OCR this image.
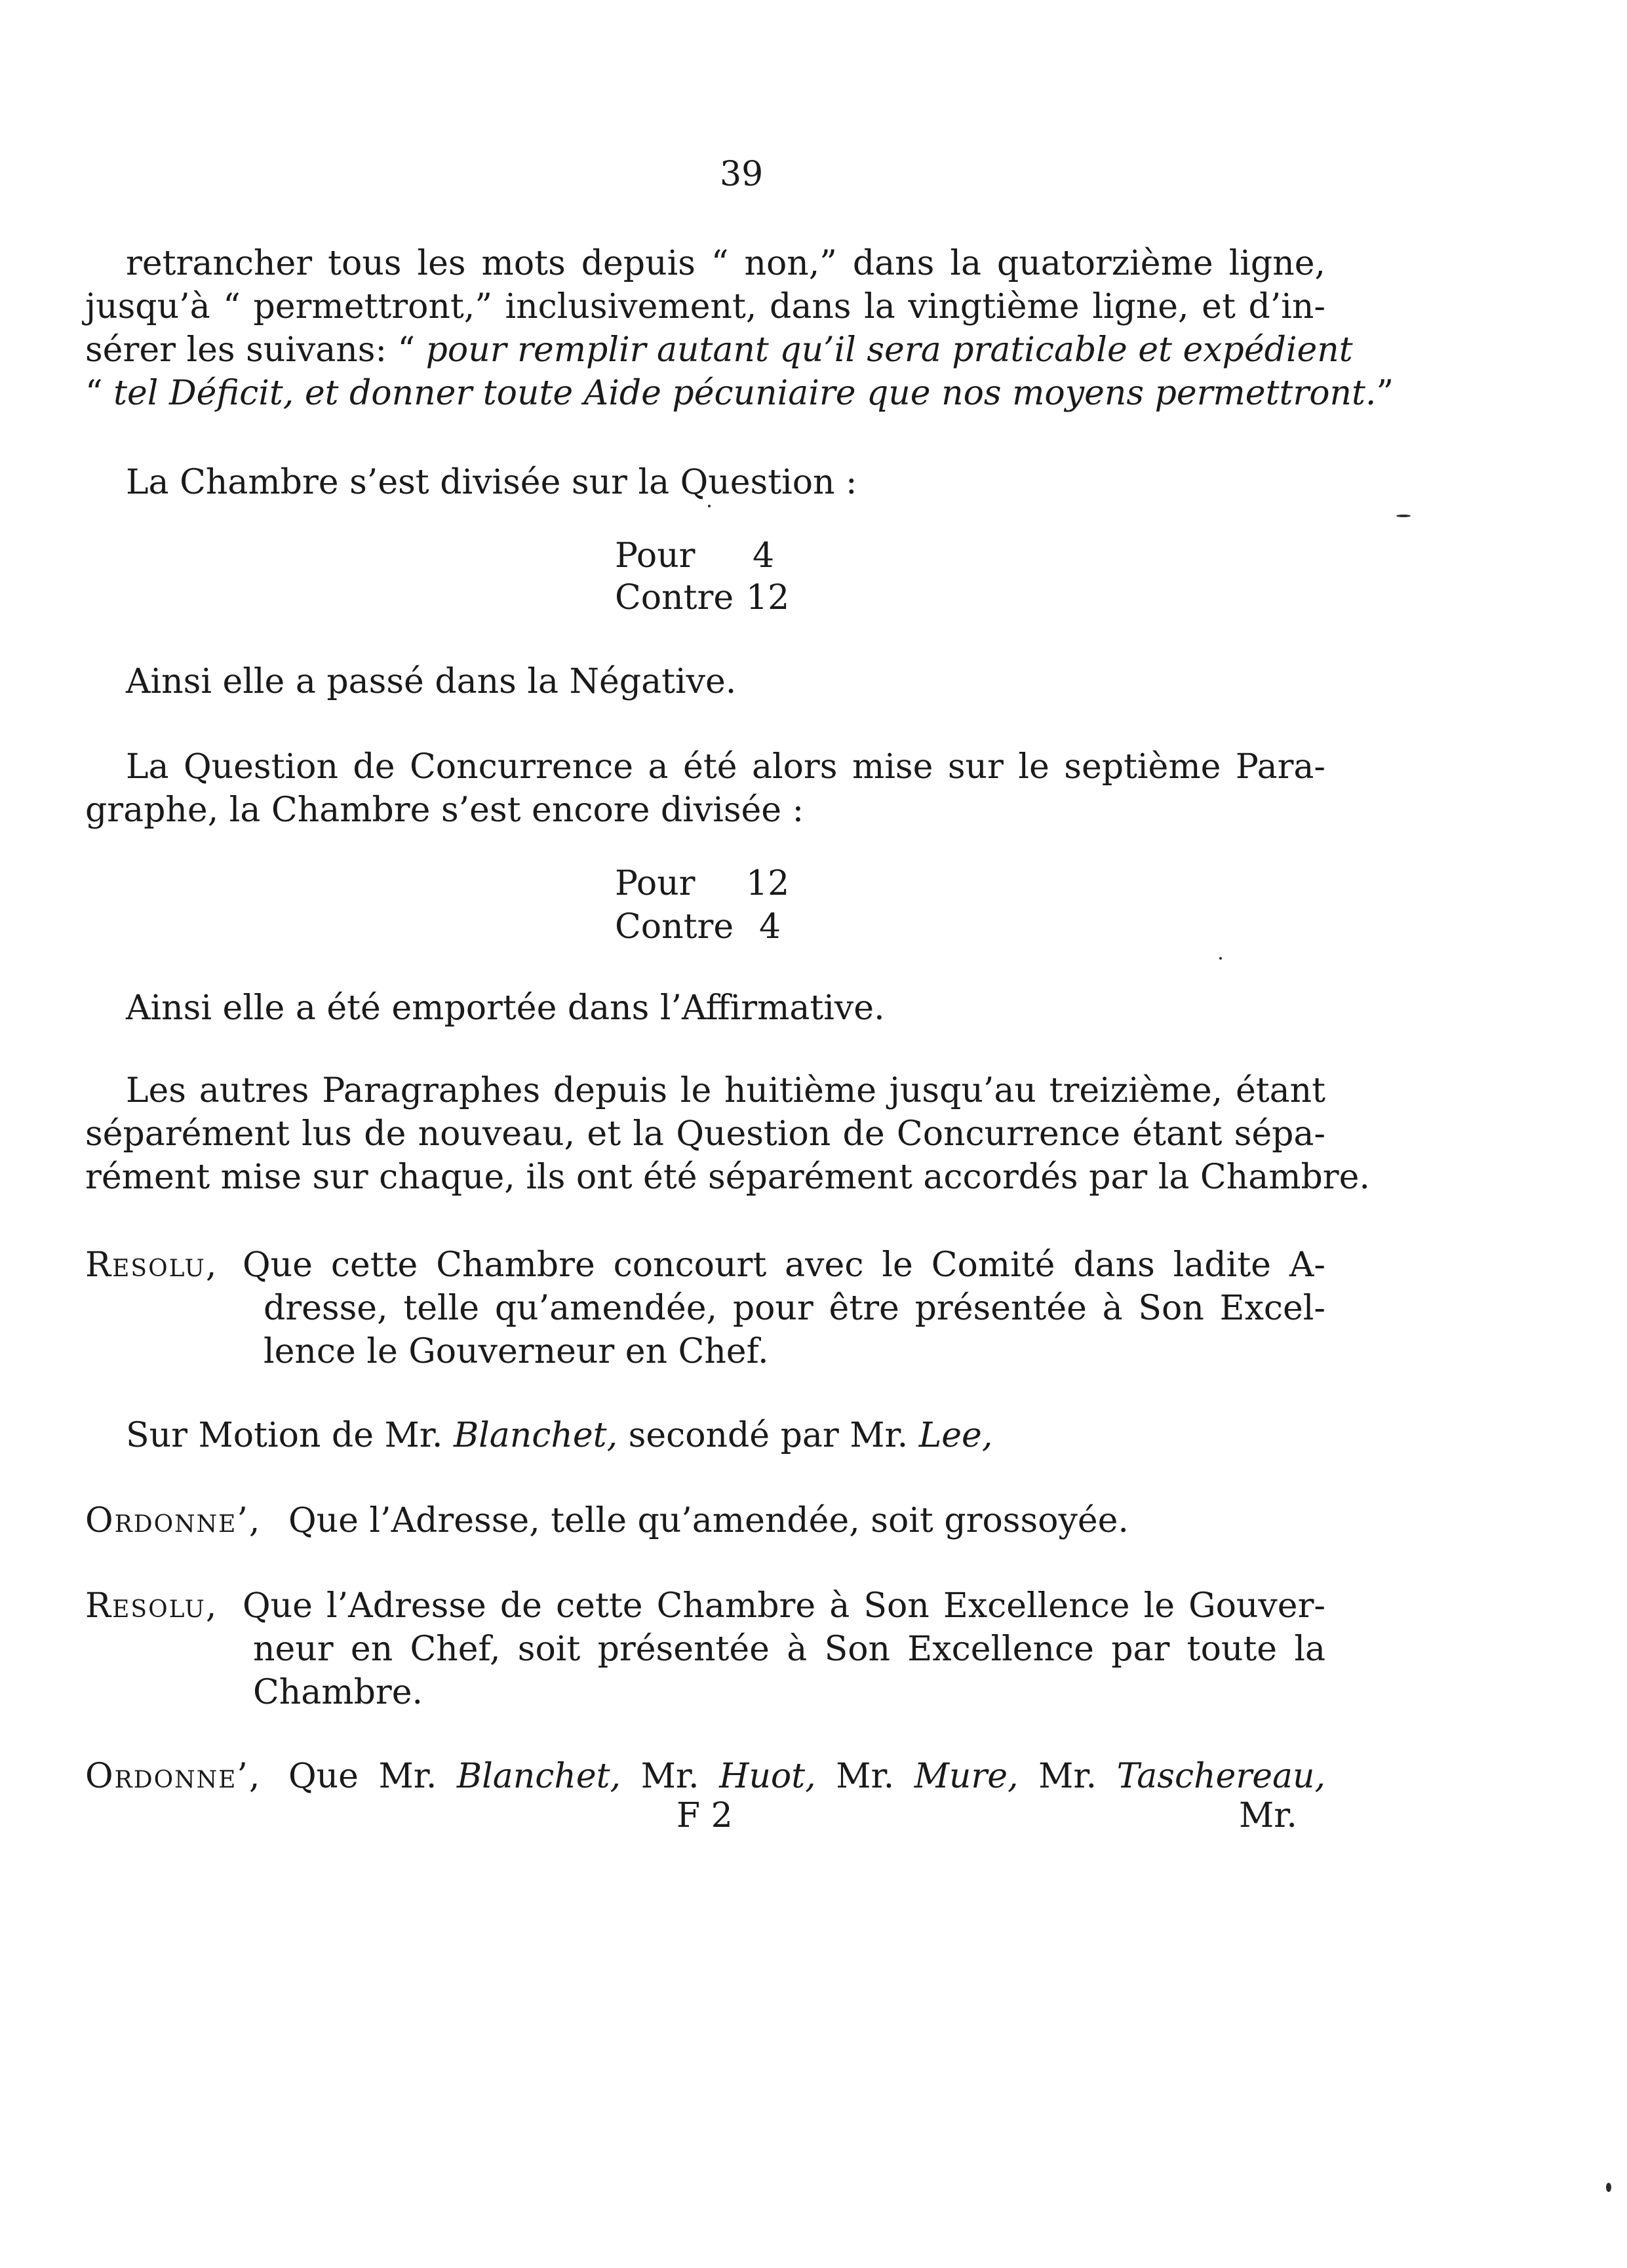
39
retrancher tous les mots depuis “ non,” dans la quatorzième ligne,
jusqu’à “ permettront,” inclusivement, dans la vingtième ligne, et d’in-
sérer les suivans: “ pour remplir autant qu’il sera praticable et expédient
“ tel Déficit, et donner toute Aide pécuniaire que nos moyens permettront.”
La Chambre s’est divisée sur la Question :
Pour 4
Contre 12
Ainsi elle a passé dans la Négative.
La Question de Concurrence a été alors mise sur le septième Para-
graphe, la Chambre s’est encore divisée :
Pour 12
Contre 4
Ainsi elle a été emportée dans l’Affirmative.
Les autres Paragraphes depuis le huitième jusqu’au treizième, étant
séparément lus de nouveau, et la Question de Concurrence étant sépa-
rément mise sur chaque, ils ont été séparément accordés par la Chambre.
Resolu, Que cette Chambre concourt avec le Comité dans ladite A-
dresse, telle qu’amendée, pour être présentée à Son Excel-
lence le Gouverneur en Chef.
Sur Motion de Mr. Blanchet, secondé par Mr. Lee,
Ordonne’, Que l’Adresse, telle qu’amendée, soit grossoyée.
Resolu, Que l’Adresse de cette Chambre à Son Excellence le Gouver-
neur en Chef, soit présentée à Son Excellence par toute la
Chambre.
Ordonne’, Que Mr. Blanchet, Mr. Huot, Mr. Mure, Mr. Taschereau,
F 2	Mr.
